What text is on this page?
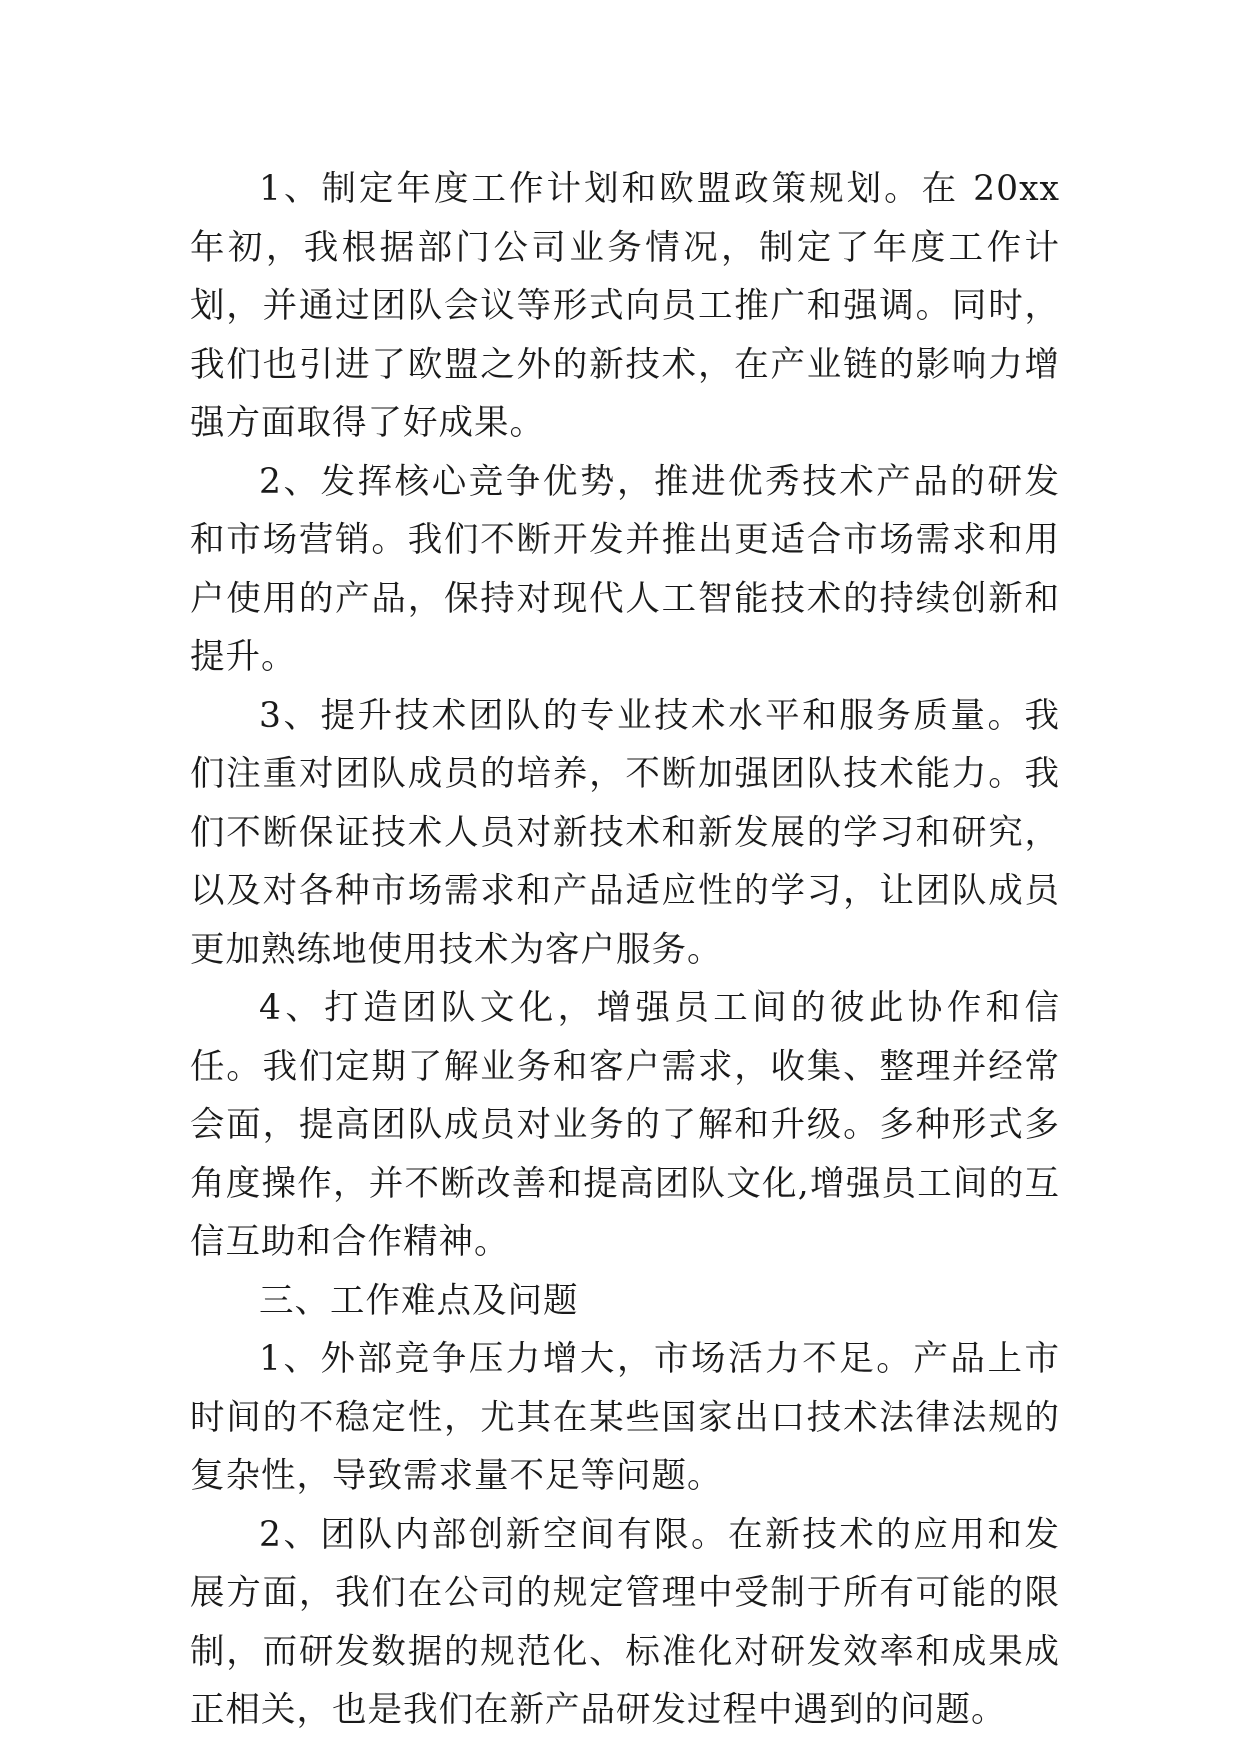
1、制定年度工作计划和欧盟政策规划。在 20xx 年初，我根据部门公司业务情况，制定了年度工作计划，并通过团队会议等形式向员工推广和强调。同时，我们也引进了欧盟之外的新技术，在产业链的影响力增强方面取得了好成果。

2、发挥核心竞争优势，推进优秀技术产品的研发和市场营销。我们不断开发并推出更适合市场需求和用户使用的产品，保持对现代人工智能技术的持续创新和提升。

3、提升技术团队的专业技术水平和服务质量。我们注重对团队成员的培养，不断加强团队技术能力。我们不断保证技术人员对新技术和新发展的学习和研究，以及对各种市场需求和产品适应性的学习，让团队成员更加熟练地使用技术为客户服务。

4、打造团队文化，增强员工间的彼此协作和信任。我们定期了解业务和客户需求，收集、整理并经常会面，提高团队成员对业务的了解和升级。多种形式多角度操作，并不断改善和提高团队文化,增强员工间的互信互助和合作精神。

三、工作难点及问题

1、外部竞争压力增大，市场活力不足。产品上市时间的不稳定性，尤其在某些国家出口技术法律法规的复杂性，导致需求量不足等问题。

2、团队内部创新空间有限。在新技术的应用和发展方面，我们在公司的规定管理中受制于所有可能的限制，而研发数据的规范化、标准化对研发效率和成果成正相关，也是我们在新产品研发过程中遇到的问题。
